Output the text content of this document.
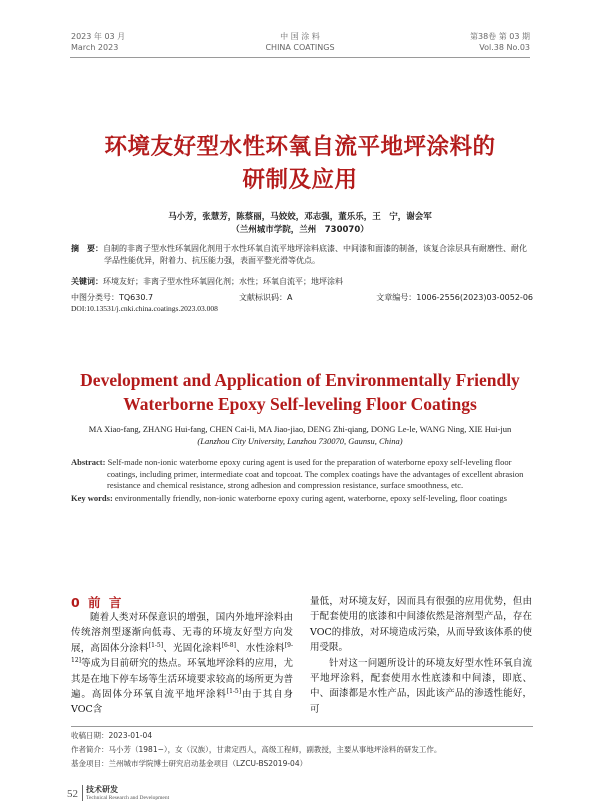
2023 年 03 月
March 2023
中 国 涂 料
CHINA COATINGS
第38卷 第 03 期
Vol.38 No.03
环境友好型水性环氧自流平地坪涂料的
研制及应用
马小芳，张慧芳，陈蔡丽，马姣姣，邓志强，董乐乐，王　宁，谢会军
（兰州城市学院，兰州　730070）
摘　要：自制的非离子型水性环氧固化剂用于水性环氧自流平地坪涂料底漆、中间漆和面漆的制备，该复合涂层具有耐磨性、耐化
学品性能优异，附着力、抗压能力强，表面平整光滑等优点。
关键词：环境友好；非离子型水性环氧固化剂；水性；环氧自流平；地坪涂料
中图分类号：TQ630.7	文献标识码：A	文章编号：1006-2556(2023)03-0052-06
DOI:10.13531/j.cnki.china.coatings.2023.03.008
Development and Application of Environmentally Friendly
Waterborne Epoxy Self-leveling Floor Coatings
MA Xiao-fang, ZHANG Hui-fang, CHEN Cai-li, MA Jiao-jiao, DENG Zhi-qiang, DONG Le-le, WANG Ning, XIE Hui-jun
(Lanzhou City University, Lanzhou 730070, Gaunsu, China)
Abstract: Self-made non-ionic waterborne epoxy curing agent is used for the preparation of waterborne epoxy self-leveling floor
coatings, including primer, intermediate coat and topcoat. The complex coatings have the advantages of excellent abrasion
resistance and chemical resistance, strong adhesion and compression resistance, surface smoothness, etc.
Key words: environmentally friendly, non-ionic waterborne epoxy curing agent, waterborne, epoxy self-leveling, floor coatings
0 前 言

随着人类对环保意识的增强，国内外地坪涂料由传统溶剂型逐渐向低毒、无毒的环境友好型方向发展，高固体分涂料[1-5]、光固化涂料[6-8]、水性涂料[9-12]等成为目前研究的热点。环氧地坪涂料的应用，尤其是在地下停车场等生活环境要求较高的场所更为普遍。高固体分环氧自流平地坪涂料[1-5]由于其自身VOC含

量低，对环境友好，因而具有很强的应用优势，但由于配套使用的底漆和中间漆依然是溶剂型产品，存在VOC的排放，对环境造成污染，从而导致该体系的使用受限。

针对这一问题所设计的环境友好型水性环氧自流平地坪涂料，配套使用水性底漆和中间漆，即底、中、面漆都是水性产品，因此该产品的渗透性能好，可

收稿日期：2023-01-04
作者简介：马小芳（1981−），女（汉族），甘肃定西人，高级工程师，副教授，主要从事地坪涂料的研发工作。
基金项目：兰州城市学院博士研究启动基金项目（LZCU-BS2019-04）
52 技术研发
Technical Research and Development
